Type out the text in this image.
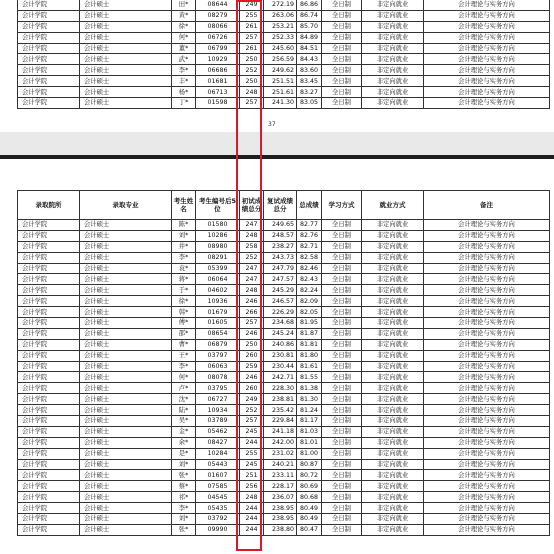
会计学院	会计硕士	田*	08644	249	272.19	86.86	全日制	非定向就业	会计理论与实务方向
会计学院	会计硕士	黄*	08279	255	263.06	86.74	全日制	非定向就业	会计理论与实务方向
会计学院	会计硕士	徐*	08066	261	253.21	85.70	全日制	非定向就业	会计理论与实务方向
会计学院	会计硕士	何*	06726	257	252.33	84.89	全日制	非定向就业	会计理论与实务方向
会计学院	会计硕士	董*	06799	261	245.60	84.51	全日制	非定向就业	会计理论与实务方向
会计学院	会计硕士	武*	10929	250	256.59	84.43	全日制	非定向就业	会计理论与实务方向
会计学院	会计硕士	李*	06686	252	249.62	83.60	全日制	非定向就业	会计理论与实务方向
会计学院	会计硕士	丰*	01681	250	251.51	83.45	全日制	非定向就业	会计理论与实务方向
会计学院	会计硕士	杨*	06713	248	251.61	83.27	全日制	非定向就业	会计理论与实务方向
会计学院	会计硕士	丁*	01598	257	241.30	83.05	全日制	非定向就业	会计理论与实务方向
37
录取院所	录取专业	考生姓名	考生编号后5位	初试成绩总分	复试成绩总分	总成绩	学习方式	就业方式	备注
会计学院	会计硕士	陈*	01580	247	249.65	82.77	全日制	非定向就业	会计理论与实务方向
会计学院	会计硕士	刘*	10286	248	248.57	82.76	全日制	非定向就业	会计理论与实务方向
会计学院	会计硕士	井*	08980	258	238.27	82.71	全日制	非定向就业	会计理论与实务方向
会计学院	会计硕士	李*	08291	252	243.73	82.58	全日制	非定向就业	会计理论与实务方向
会计学院	会计硕士	袁*	05399	247	247.79	82.46	全日制	非定向就业	会计理论与实务方向
会计学院	会计硕士	蒋*	06064	247	247.57	82.43	全日制	非定向就业	会计理论与实务方向
会计学院	会计硕士	于*	04602	248	245.29	82.24	全日制	非定向就业	会计理论与实务方向
会计学院	会计硕士	徐*	10936	246	246.57	82.09	全日制	非定向就业	会计理论与实务方向
会计学院	会计硕士	韩*	01679	266	226.29	82.05	全日制	非定向就业	会计理论与实务方向
会计学院	会计硕士	傅*	01605	257	234.68	81.95	全日制	非定向就业	会计理论与实务方向
会计学院	会计硕士	邵*	08654	246	245.24	81.87	全日制	非定向就业	会计理论与实务方向
会计学院	会计硕士	曹*	06879	250	240.86	81.81	全日制	非定向就业	会计理论与实务方向
会计学院	会计硕士	王*	03797	260	230.81	81.80	全日制	非定向就业	会计理论与实务方向
会计学院	会计硕士	李*	06063	259	230.44	81.61	全日制	非定向就业	会计理论与实务方向
会计学院	会计硕士	何*	08078	246	242.71	81.55	全日制	非定向就业	会计理论与实务方向
会计学院	会计硕士	卢*	03795	260	228.30	81.38	全日制	非定向就业	会计理论与实务方向
会计学院	会计硕士	沈*	06727	249	238.81	81.30	全日制	非定向就业	会计理论与实务方向
会计学院	会计硕士	陆*	10934	252	235.42	81.24	全日制	非定向就业	会计理论与实务方向
会计学院	会计硕士	吴*	03789	257	229.84	81.17	全日制	非定向就业	会计理论与实务方向
会计学院	会计硕士	金*	05462	245	241.18	81.03	全日制	非定向就业	会计理论与实务方向
会计学院	会计硕士	余*	08427	244	242.00	81.01	全日制	非定向就业	会计理论与实务方向
会计学院	会计硕士	是*	10284	255	231.02	81.00	全日制	非定向就业	会计理论与实务方向
会计学院	会计硕士	刘*	05443	245	240.21	80.87	全日制	非定向就业	会计理论与实务方向
会计学院	会计硕士	张*	01607	251	233.11	80.72	全日制	非定向就业	会计理论与实务方向
会计学院	会计硕士	蔡*	07585	256	228.17	80.69	全日制	非定向就业	会计理论与实务方向
会计学院	会计硕士	祁*	04545	248	236.07	80.68	全日制	非定向就业	会计理论与实务方向
会计学院	会计硕士	李*	05435	244	238.95	80.49	全日制	非定向就业	会计理论与实务方向
会计学院	会计硕士	刘*	03792	244	238.95	80.49	全日制	非定向就业	会计理论与实务方向
会计学院	会计硕士	张*	09990	244	238.80	80.47	全日制	非定向就业	会计理论与实务方向
